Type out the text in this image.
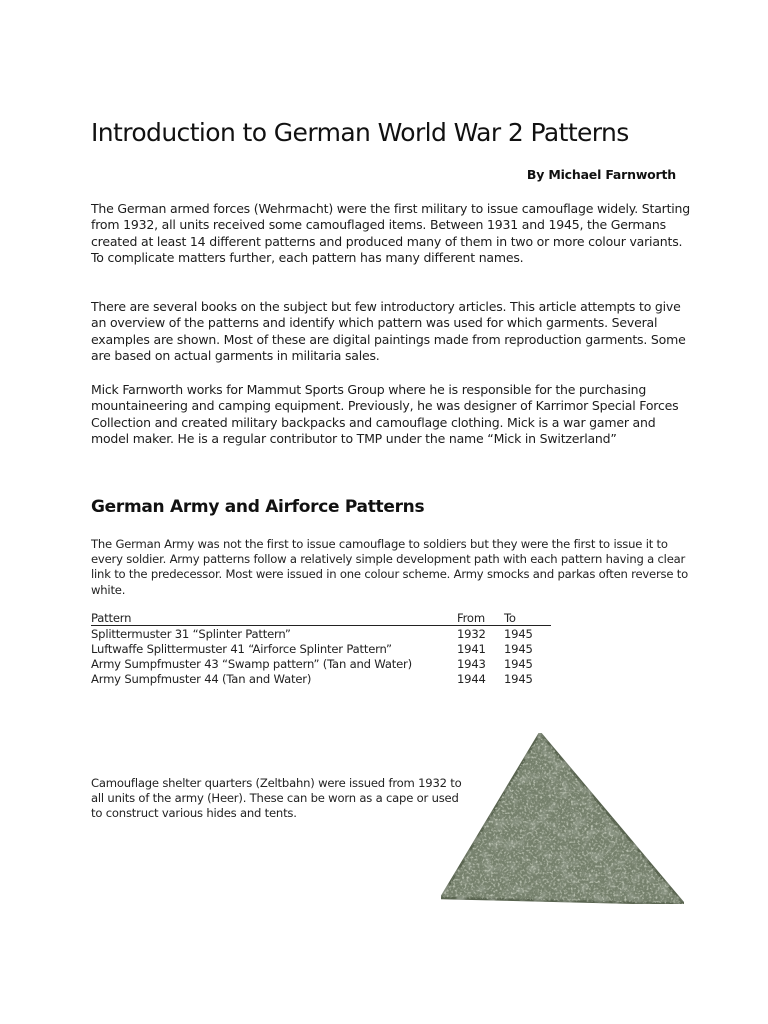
Introduction to German World War 2 Patterns

By Michael Farnworth

The German armed forces (Wehrmacht) were the first military to issue camouflage widely. Starting from 1932, all units received some camouflaged items. Between 1931 and 1945, the Germans created at least 14 different patterns and produced many of them in two or more colour variants. To complicate matters further, each pattern has many different names.

There are several books on the subject but few introductory articles. This article attempts to give an overview of the patterns and identify which pattern was used for which garments. Several examples are shown. Most of these are digital paintings made from reproduction garments. Some are based on actual garments in militaria sales.

Mick Farnworth works for Mammut Sports Group where he is responsible for the purchasing mountaineering and camping equipment. Previously, he was designer of Karrimor Special Forces Collection and created military backpacks and camouflage clothing. Mick is a war gamer and model maker. He is a regular contributor to TMP under the name “Mick in Switzerland”

German Army and Airforce Patterns

The German Army was not the first to issue camouflage to soldiers but they were the first to issue it to every soldier. Army patterns follow a relatively simple development path with each pattern having a clear link to the predecessor. Most were issued in one colour scheme. Army smocks and parkas often reverse to white.

Pattern	From	To
Splittermuster 31 “Splinter Pattern”	1932	1945
Luftwaffe Splittermuster 41 “Airforce Splinter Pattern”	1941	1945
Army Sumpfmuster 43 “Swamp pattern” (Tan and Water)	1943	1945
Army Sumpfmuster 44 (Tan and Water)	1944	1945

Camouflage shelter quarters (Zeltbahn) were issued from 1932 to all units of the army (Heer). These can be worn as a cape or used to construct various hides and tents.
